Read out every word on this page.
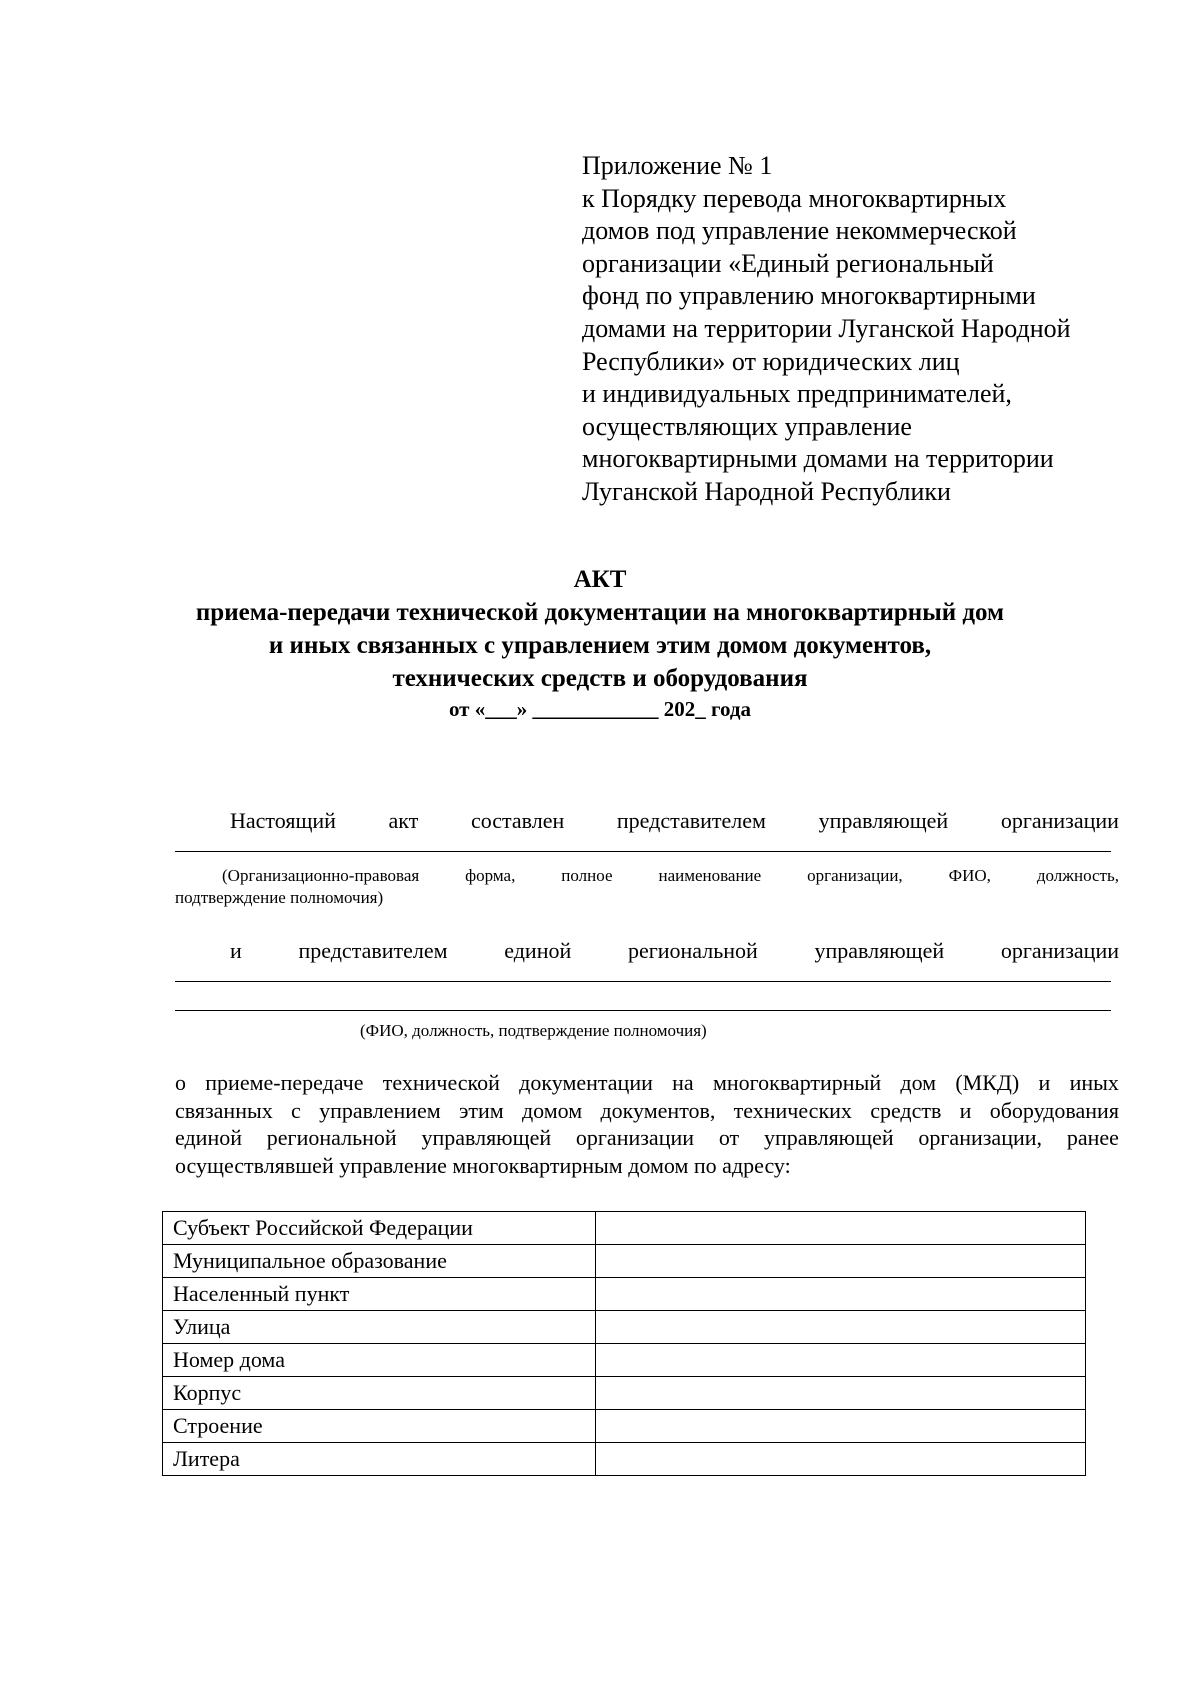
Приложение № 1
к Порядку перевода многоквартирных
домов под управление некоммерческой
организации «Единый региональный
фонд по управлению многоквартирными
домами на территории Луганской Народной
Республики» от юридических лиц
и индивидуальных предпринимателей,
осуществляющих управление
многоквартирными домами на территории
Луганской Народной Республики
АКТ
приема-передачи технической документации на многоквартирный дом
и иных связанных с управлением этим домом документов,
технических средств и оборудования
от «___» ____________ 202_ года
Настоящий акт составлен представителем управляющей организации
(Организационно-правовая	форма,	полное	наименование	организации,	ФИО,	должность,
подтверждение полномочия)
и	представителем	единой	региональной	управляющей	организации
(ФИО, должность, подтверждение полномочия)
о приеме-передаче технической документации на многоквартирный дом (МКД) и иных
связанных с управлением этим домом документов, технических средств и оборудования
единой региональной управляющей организации от управляющей организации, ранее
осуществлявшей управление многоквартирным домом по адресу:
Субъект Российской Федерации	
Муниципальное образование	
Населенный пункт	
Улица	
Номер дома	
Корпус	
Строение	
Литера	
